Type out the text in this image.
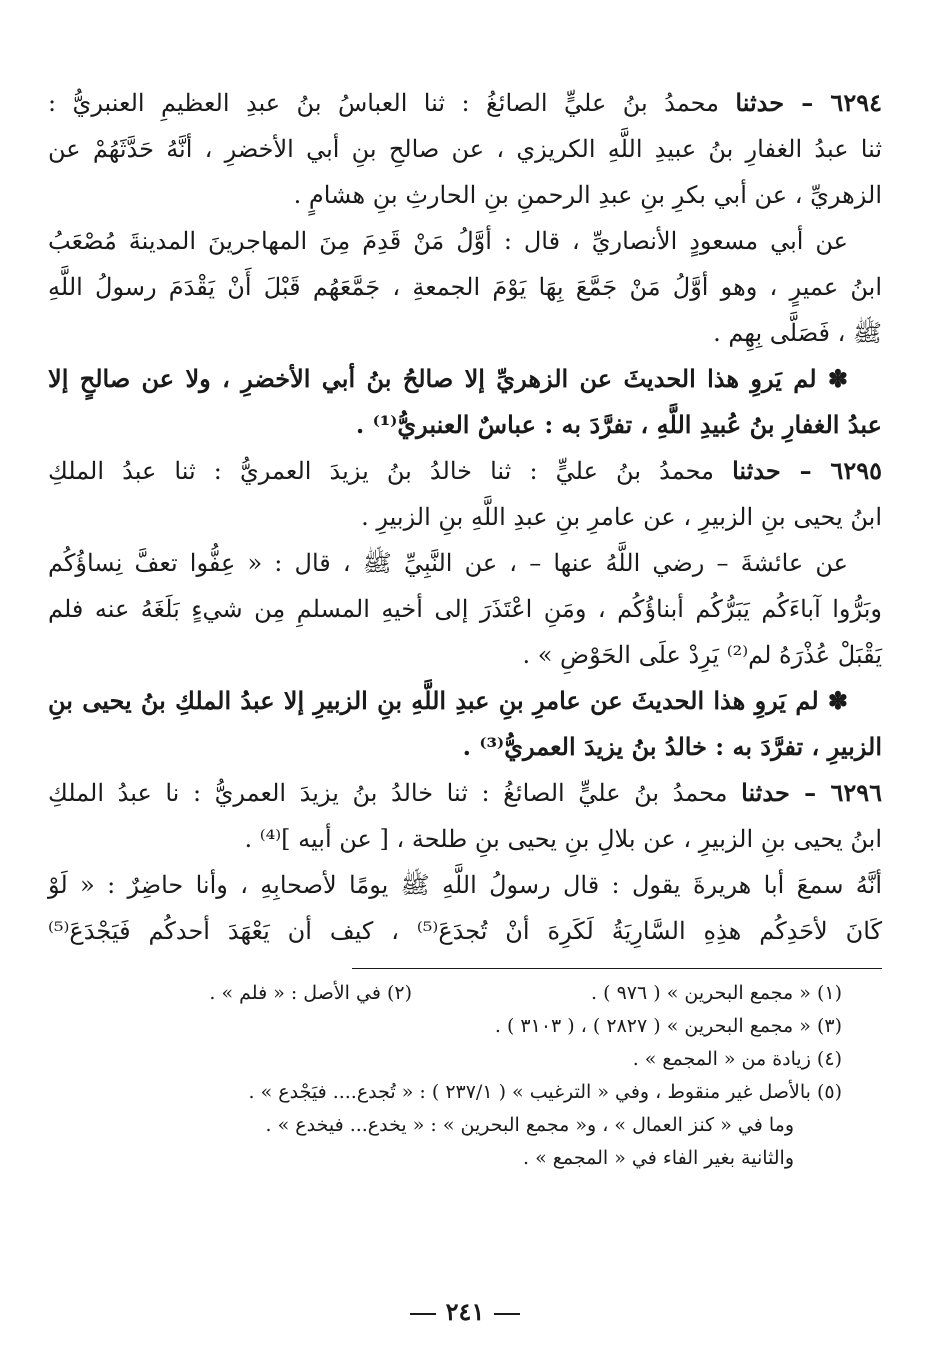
٦٢٩٤ – حدثنا محمدُ بنُ عليٍّ الصائغُ : ثنا العباسُ بنُ عبدِ العظيمِ العنبريُّ :
ثنا عبدُ الغفارِ بنُ عبيدِ اللَّهِ الكريزي ، عن صالحِ بنِ أبي الأخضرِ ، أنَّهُ حَدَّثَهُمْ عن
الزهريِّ ، عن أبي بكرِ بنِ عبدِ الرحمنِ بنِ الحارثِ بنِ هشامٍ .
عن أبي مسعودٍ الأنصاريِّ ، قال : أوَّلُ مَنْ قَدِمَ مِنَ المهاجرينَ المدينةَ مُصْعَبُ
ابنُ عميرٍ ، وهو أوَّلُ مَنْ جَمَّعَ بِهَا يَوْمَ الجمعةِ ، جَمَّعَهُم قَبْلَ أَنْ يَقْدَمَ رسولُ اللَّهِ
ﷺ ، فَصَلَّى بِهِم .
✽ لم يَروِ هذا الحديثَ عن الزهريِّ إلا صالحُ بنُ أبي الأخضرِ ، ولا عن صالحٍ إلا
عبدُ الغفارِ بنُ عُبيدِ اللَّهِ ، تفرَّدَ به : عباسٌ العنبريُّ⁽¹⁾ .
٦٢٩٥ – حدثنا محمدُ بنُ عليٍّ : ثنا خالدُ بنُ يزيدَ العمريُّ : ثنا عبدُ الملكِ
ابنُ يحيى بنِ الزبيرِ ، عن عامرِ بنِ عبدِ اللَّهِ بنِ الزبيرِ .
عن عائشةَ – رضي اللَّهُ عنها – ، عن النَّبِيِّ ﷺ ، قال : « عِفُّوا تعفَّ نِساؤُكُم
وبَرُّوا آباءَكُم يَبَرُّكُم أبناؤُكُم ، ومَنِ اعْتَذَرَ إلى أخيهِ المسلمِ مِن شيءٍ بَلَغَهُ عنه فلم
يَقْبَلْ عُذْرَهُ لم⁽²⁾ يَرِدْ علَى الحَوْضِ » .
✽ لم يَروِ هذا الحديثَ عن عامرِ بنِ عبدِ اللَّهِ بنِ الزبيرِ إلا عبدُ الملكِ بنُ يحيى بنِ
الزبيرِ ، تفرَّدَ به : خالدُ بنُ يزيدَ العمريُّ⁽³⁾ .
٦٢٩٦ – حدثنا محمدُ بنُ عليٍّ الصائغُ : ثنا خالدُ بنُ يزيدَ العمريُّ : نا عبدُ الملكِ
ابنُ يحيى بنِ الزبيرِ ، عن بلالِ بنِ يحيى بنِ طلحة ، [ عن أبيه ]⁽⁴⁾ .
أنَّهُ سمعَ أبا هريرةَ يقول : قال رسولُ اللَّهِ ﷺ يومًا لأصحابِهِ ، وأنا حاضِرٌ : « لَوْ
كَانَ لأحَدِكُم هذِهِ السَّارِيَةُ لَكَرِهَ أنْ تُجدَعَ⁽⁵⁾ ، كيف أن يَعْهَدَ أحدكُم فَيَجْدَعَ⁽⁵⁾
(١) « مجمع البحرين » ( ٩٧٦ ) .
(٢) في الأصل : « فلم » .
(٣) « مجمع البحرين » ( ٢٨٢٧ ) ، ( ٣١٠٣ ) .
(٤) زيادة من « المجمع » .
(٥) بالأصل غير منقوط ، وفي « الترغيب » ( ٢٣٧/١ ) : « تُجدع.... فيَجْدع » .
وما في « كنز العمال » ، و« مجمع البحرين » : « يخدع... فيخدع » .
والثانية بغير الفاء في « المجمع » .
٢٤١
